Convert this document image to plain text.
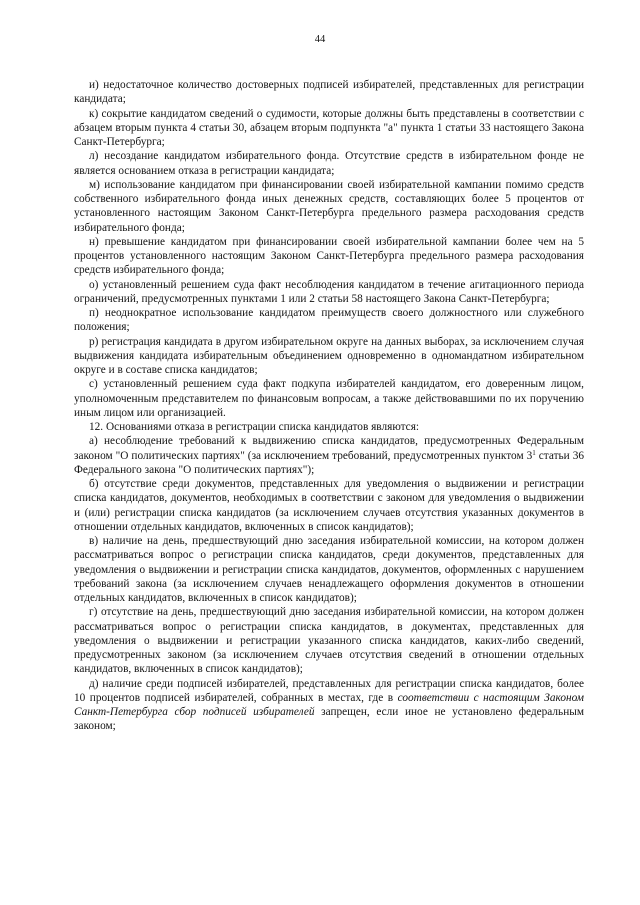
44

и) недостаточное количество достоверных подписей избирателей, представленных для регистрации кандидата;

к) сокрытие кандидатом сведений о судимости, которые должны быть представлены в соответствии с абзацем вторым пункта 4 статьи 30, абзацем вторым подпункта "а" пункта 1 статьи 33 настоящего Закона Санкт-Петербурга;

л) несоздание кандидатом избирательного фонда. Отсутствие средств в избирательном фонде не является основанием отказа в регистрации кандидата;

м) использование кандидатом при финансировании своей избирательной кампании помимо средств собственного избирательного фонда иных денежных средств, составляющих более 5 процентов от установленного настоящим Законом Санкт-Петербурга предельного размера расходования средств избирательного фонда;

н) превышение кандидатом при финансировании своей избирательной кампании более чем на 5 процентов установленного настоящим Законом Санкт-Петербурга предельного размера расходования средств избирательного фонда;

о) установленный решением суда факт несоблюдения кандидатом в течение агитационного периода ограничений, предусмотренных пунктами 1 или 2 статьи 58 настоящего Закона Санкт-Петербурга;

п) неоднократное использование кандидатом преимуществ своего должностного или служебного положения;

р) регистрация кандидата в другом избирательном округе на данных выборах, за исключением случая выдвижения кандидата избирательным объединением одновременно в одномандатном избирательном округе и в составе списка кандидатов;

с) установленный решением суда факт подкупа избирателей кандидатом, его доверенным лицом, уполномоченным представителем по финансовым вопросам, а также действовавшими по их поручению иным лицом или организацией.

12. Основаниями отказа в регистрации списка кандидатов являются:

а) несоблюдение требований к выдвижению списка кандидатов, предусмотренных Федеральным законом "О политических партиях" (за исключением требований, предусмотренных пунктом $3^1$ статьи 36 Федерального закона "О политических партиях");

б) отсутствие среди документов, представленных для уведомления о выдвижении и регистрации списка кандидатов, документов, необходимых в соответствии с законом для уведомления о выдвижении и (или) регистрации списка кандидатов (за исключением случаев отсутствия указанных документов в отношении отдельных кандидатов, включенных в список кандидатов);

в) наличие на день, предшествующий дню заседания избирательной комиссии, на котором должен рассматриваться вопрос о регистрации списка кандидатов, среди документов, представленных для уведомления о выдвижении и регистрации списка кандидатов, документов, оформленных с нарушением требований закона (за исключением случаев ненадлежащего оформления документов в отношении отдельных кандидатов, включенных в список кандидатов);

г) отсутствие на день, предшествующий дню заседания избирательной комиссии, на котором должен рассматриваться вопрос о регистрации списка кандидатов, в документах, представленных для уведомления о выдвижении и регистрации указанного списка кандидатов, каких-либо сведений, предусмотренных законом (за исключением случаев отсутствия сведений в отношении отдельных кандидатов, включенных в список кандидатов);

д) наличие среди подписей избирателей, представленных для регистрации списка кандидатов, более 10 процентов подписей избирателей, собранных в местах, где в соответствии с настоящим Законом Санкт-Петербурга сбор подписей избирателей запрещен, если иное не установлено федеральным законом;
